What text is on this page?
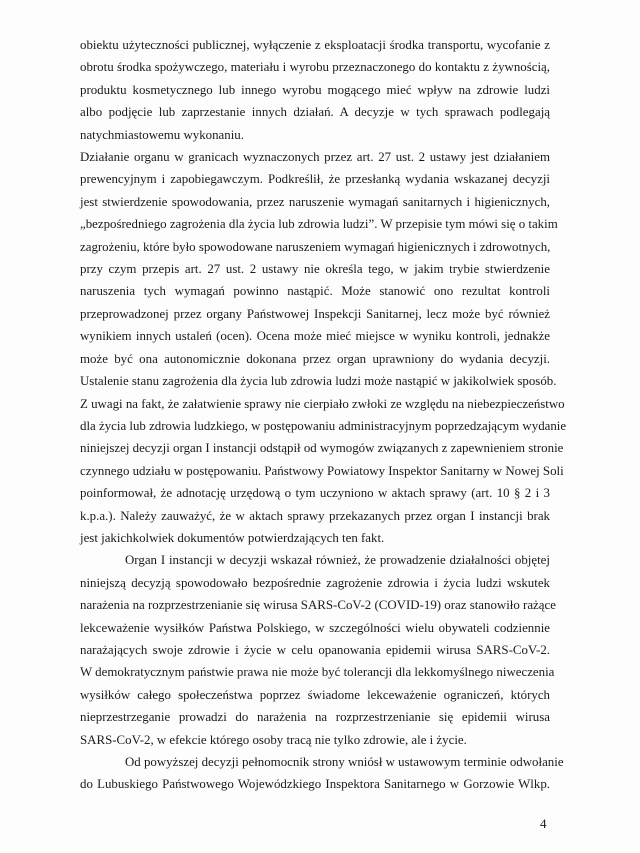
obiektu użyteczności publicznej, wyłączenie z eksploatacji środka transportu, wycofanie z
obrotu środka spożywczego, materiału i wyrobu przeznaczonego do kontaktu z żywnością,
produktu kosmetycznego lub innego wyrobu mogącego mieć wpływ na zdrowie ludzi
albo podjęcie lub zaprzestanie innych działań. A decyzje w tych sprawach podlegają
natychmiastowemu wykonaniu.
Działanie organu w granicach wyznaczonych przez art. 27 ust. 2 ustawy jest działaniem
prewencyjnym i zapobiegawczym. Podkreślił, że przesłanką wydania wskazanej decyzji
jest stwierdzenie spowodowania, przez naruszenie wymagań sanitarnych i higienicznych,
„bezpośredniego zagrożenia dla życia lub zdrowia ludzi”. W przepisie tym mówi się o takim
zagrożeniu, które było spowodowane naruszeniem wymagań higienicznych i zdrowotnych,
przy czym przepis art. 27 ust. 2 ustawy nie określa tego, w jakim trybie stwierdzenie
naruszenia tych wymagań powinno nastąpić. Może stanowić ono rezultat kontroli
przeprowadzonej przez organy Państwowej Inspekcji Sanitarnej, lecz może być również
wynikiem innych ustaleń (ocen). Ocena może mieć miejsce w wyniku kontroli, jednakże
może być ona autonomicznie dokonana przez organ uprawniony do wydania decyzji.
Ustalenie stanu zagrożenia dla życia lub zdrowia ludzi może nastąpić w jakikolwiek sposób.
Z uwagi na fakt, że załatwienie sprawy nie cierpiało zwłoki ze względu na niebezpieczeństwo
dla życia lub zdrowia ludzkiego, w postępowaniu administracyjnym poprzedzającym wydanie
niniejszej decyzji organ I instancji odstąpił od wymogów związanych z zapewnieniem stronie
czynnego udziału w postępowaniu. Państwowy Powiatowy Inspektor Sanitarny w Nowej Soli
poinformował, że adnotację urzędową o tym uczyniono w aktach sprawy (art. 10 § 2 i 3
k.p.a.). Należy zauważyć, że w aktach sprawy przekazanych przez organ I instancji brak
jest jakichkolwiek dokumentów potwierdzających ten fakt.
Organ I instancji w decyzji wskazał również, że prowadzenie działalności objętej
niniejszą decyzją spowodowało bezpośrednie zagrożenie zdrowia i życia ludzi wskutek
narażenia na rozprzestrzenianie się wirusa SARS-CoV-2 (COVID-19) oraz stanowiło rażące
lekceważenie wysiłków Państwa Polskiego, w szczególności wielu obywateli codziennie
narażających swoje zdrowie i życie w celu opanowania epidemii wirusa SARS-CoV-2.
W demokratycznym państwie prawa nie może być tolerancji dla lekkomyślnego niweczenia
wysiłków całego społeczeństwa poprzez świadome lekceważenie ograniczeń, których
nieprzestrzeganie prowadzi do narażenia na rozprzestrzenianie się epidemii wirusa
SARS-CoV-2, w efekcie którego osoby tracą nie tylko zdrowie, ale i życie.
Od powyższej decyzji pełnomocnik strony wniósł w ustawowym terminie odwołanie
do Lubuskiego Państwowego Wojewódzkiego Inspektora Sanitarnego w Gorzowie Wlkp.
4
